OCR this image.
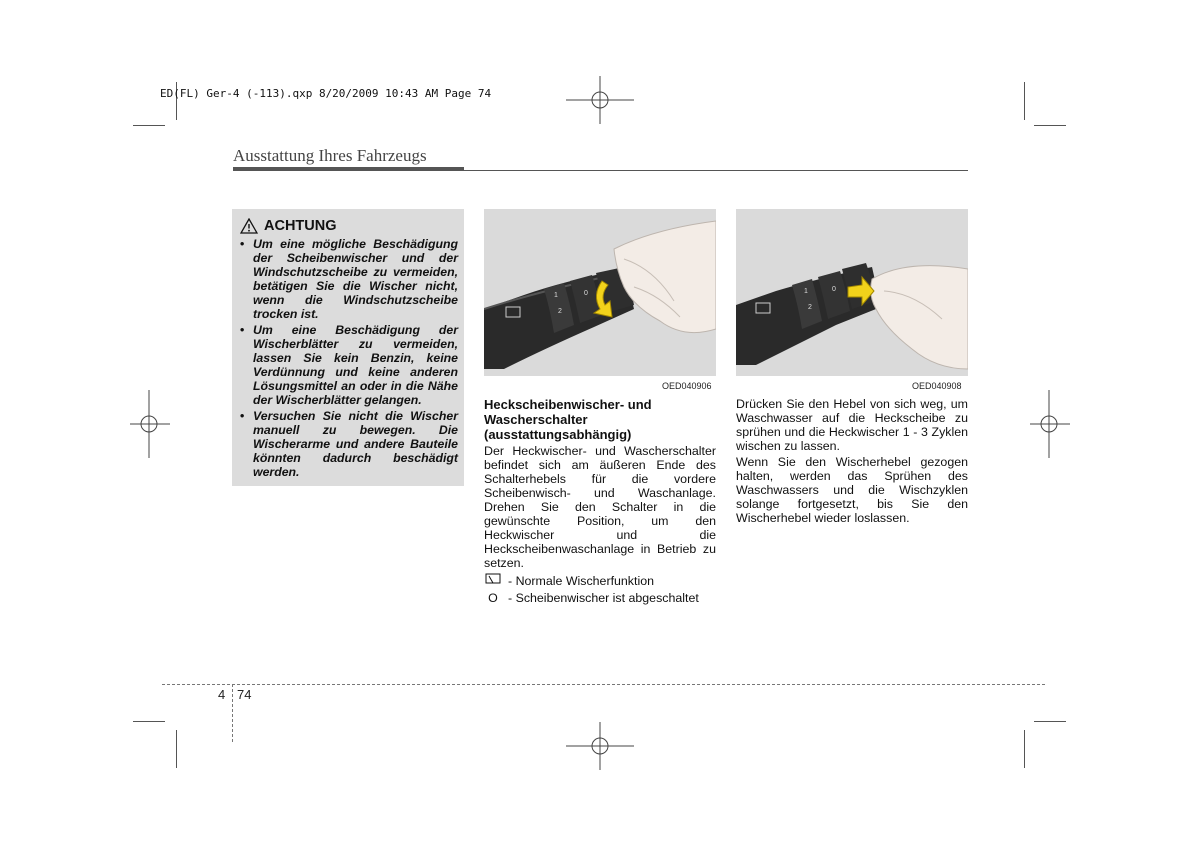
ED(FL) Ger-4 (-113).qxp 8/20/2009 10:43 AM Page 74
Ausstattung Ihres Fahrzeugs
ACHTUNG
• Um eine mögliche Beschädigung der Scheibenwischer und der Windschutzscheibe zu vermeiden, betätigen Sie die Wischer nicht, wenn die Windschutzscheibe trocken ist.
• Um eine Beschädigung der Wischerblätter zu vermeiden, lassen Sie kein Benzin, keine Verdünnung und keine anderen Lösungsmittel an oder in die Nähe der Wischerblätter gelangen.
• Versuchen Sie nicht die Wischer manuell zu bewegen. Die Wischerarme und andere Bauteile könnten dadurch beschädigt werden.
1
2
0
OED040906
1
2
0
OED040908

Heckscheibenwischer- und Wascherschalter (ausstattungsabhängig)

Der Heckwischer- und Wascherschalter befindet sich am äußeren Ende des Schalterhebels für die vordere Scheibenwisch- und Waschanlage. Drehen Sie den Schalter in die gewünschte Position, um den Heckwischer und die Heckscheibenwaschanlage in Betrieb zu setzen.

- Normale Wischerfunktion
O - Scheibenwischer ist abgeschaltet

Drücken Sie den Hebel von sich weg, um Waschwasser auf die Heckscheibe zu sprühen und die Heckwischer 1 - 3 Zyklen wischen zu lassen.

Wenn Sie den Wischerhebel gezogen halten, werden das Sprühen des Waschwassers und die Wischzyklen solange fortgesetzt, bis Sie den Wischerhebel wieder loslassen.

4 74
